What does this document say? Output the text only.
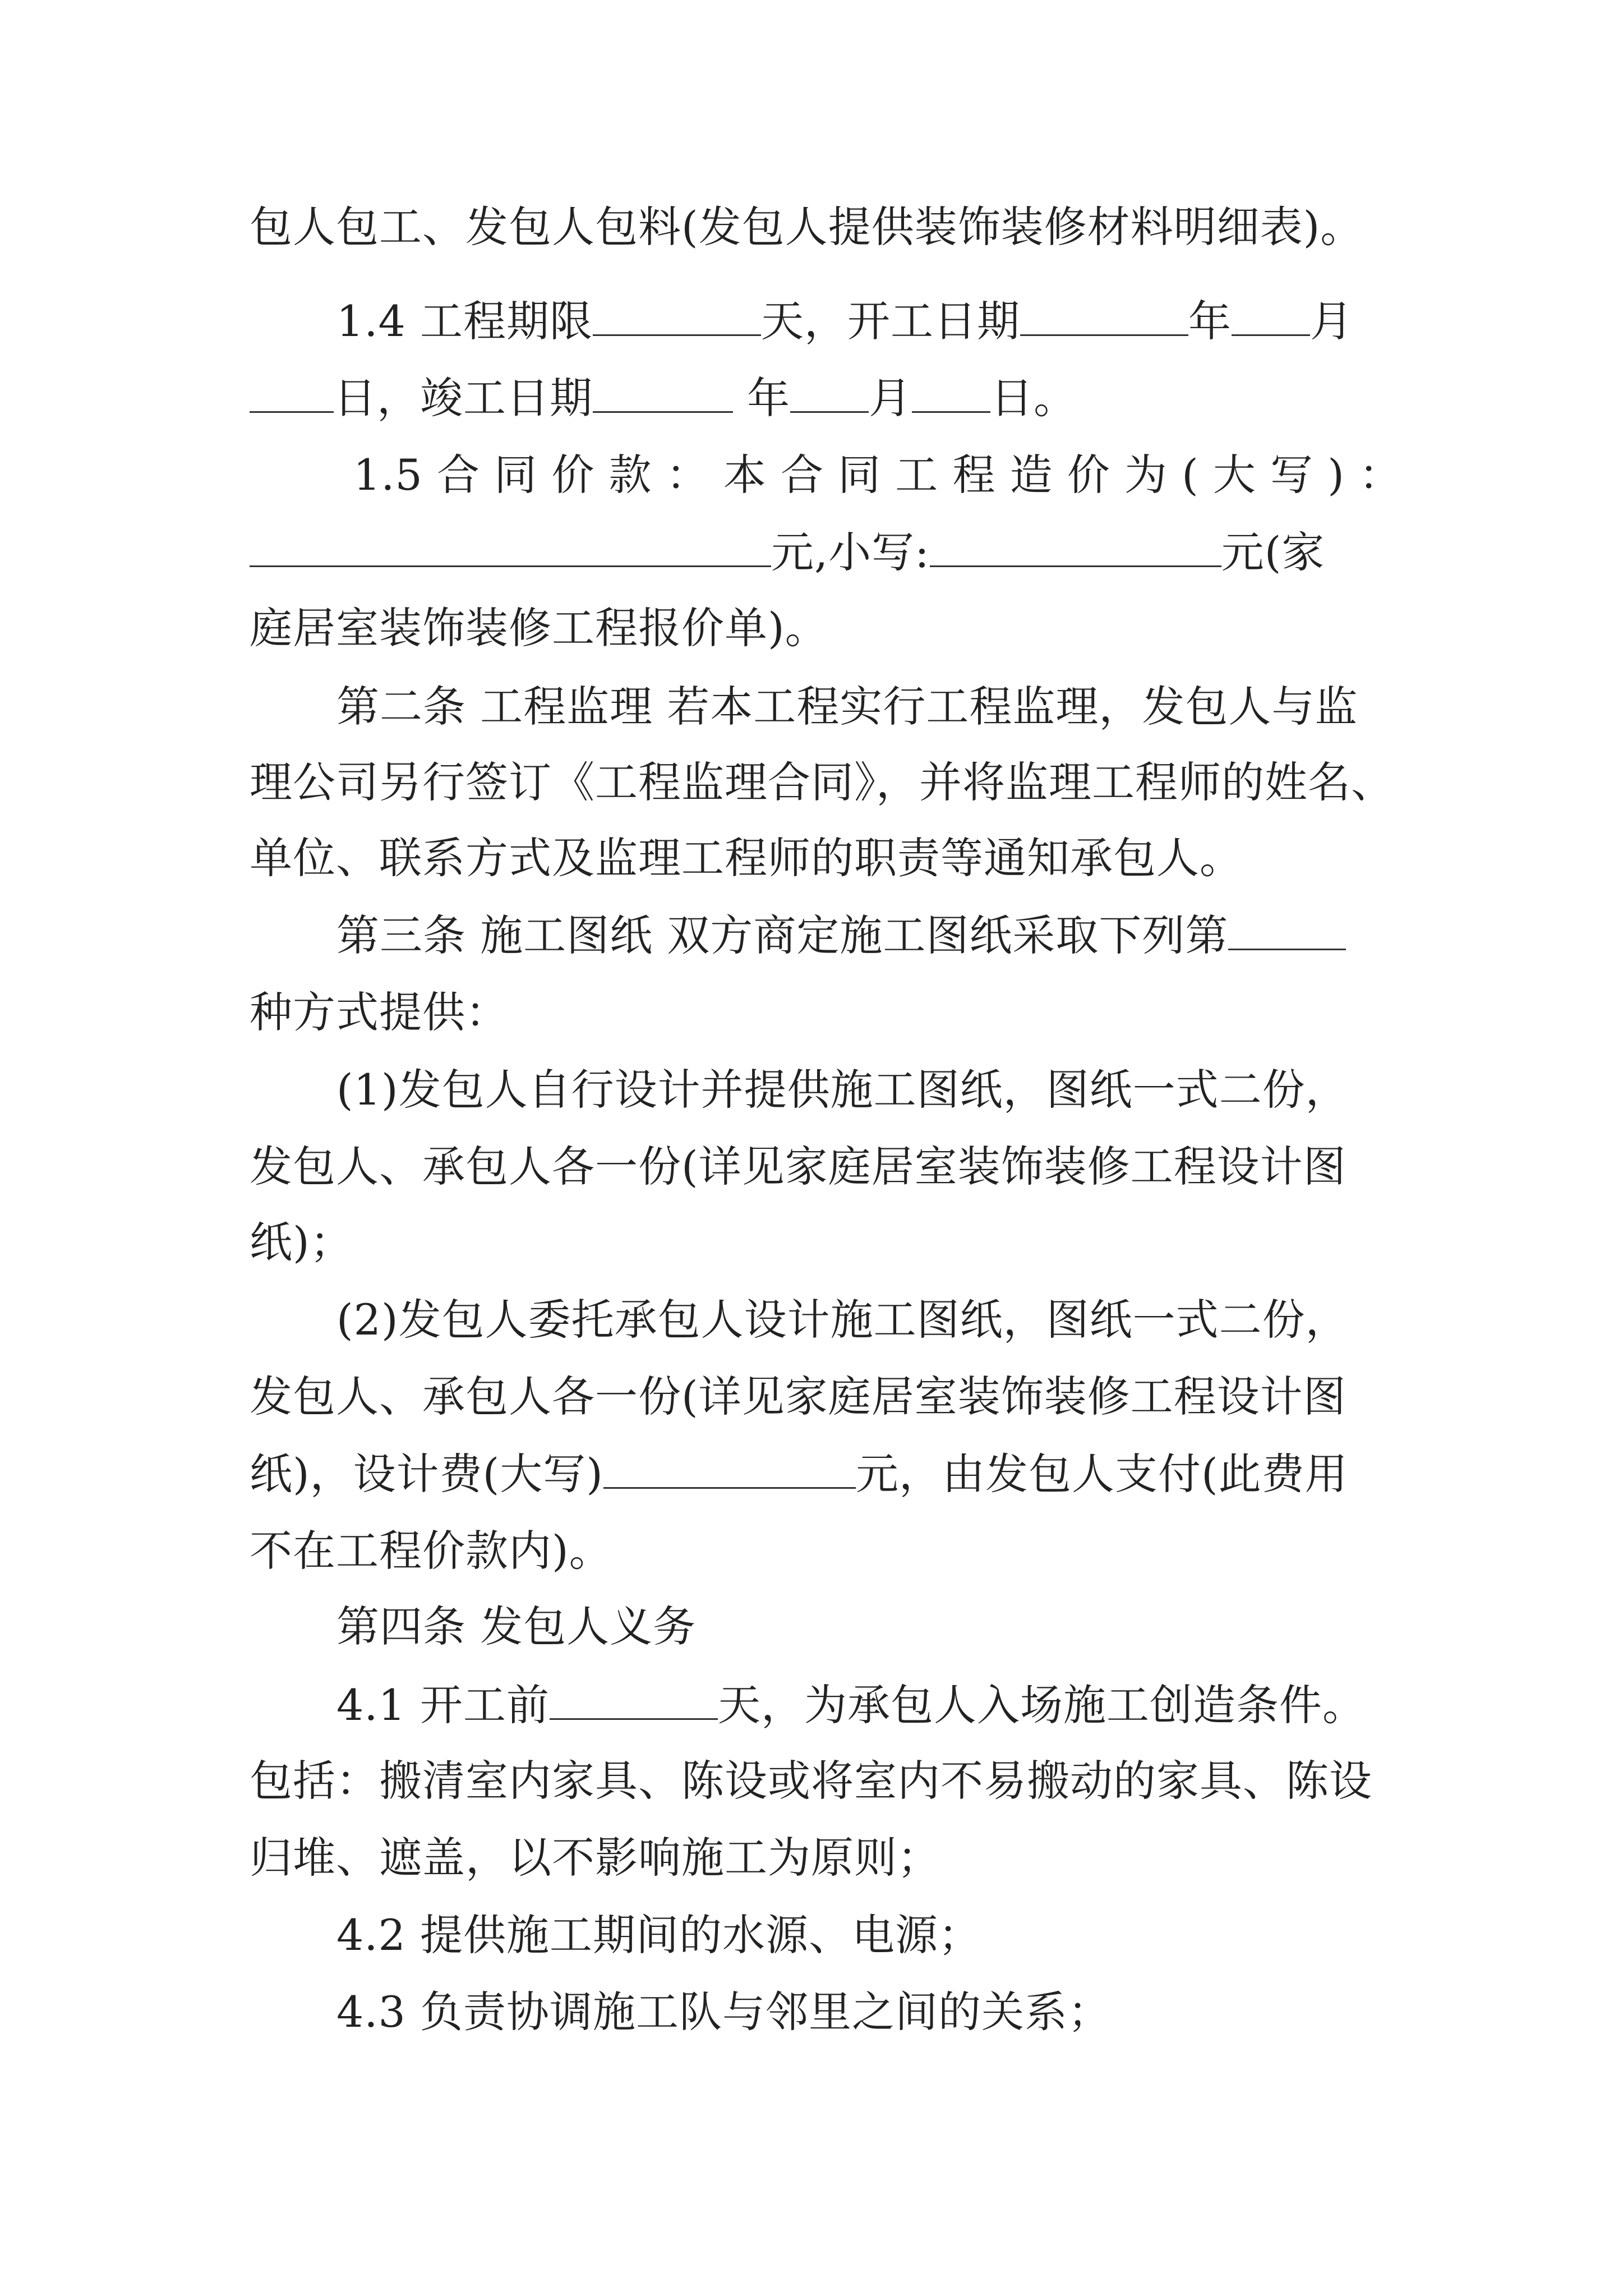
包人包工、发包人包料(发包人提供装饰装修材料明细表)。
1.4 工程期限	天，开工日期	年 月
日，竣工日期	年 月 日。
1.5 合 同 价 款 ： 本 合 同 工 程 造 价 为 ( 大 写 ) ：
元,小写:	元(家
庭居室装饰装修工程报价单)。
第二条 工程监理 若本工程实行工程监理，发包人与监
理公司另行签订《工程监理合同》，并将监理工程师的姓名、
单位、联系方式及监理工程师的职责等通知承包人。
第三条 施工图纸 双方商定施工图纸采取下列第
种方式提供：
(1)发包人自行设计并提供施工图纸，图纸一式二份，
发包人、承包人各一份(详见家庭居室装饰装修工程设计图
纸)；
(2)发包人委托承包人设计施工图纸，图纸一式二份，
发包人、承包人各一份(详见家庭居室装饰装修工程设计图
纸)，设计费(大写)	元，由发包人支付(此费用
不在工程价款内)。
第四条 发包人义务
4.1 开工前	天，为承包人入场施工创造条件。
包括：搬清室内家具、陈设或将室内不易搬动的家具、陈设
归堆、遮盖，以不影响施工为原则；
4.2 提供施工期间的水源、电源；
4.3 负责协调施工队与邻里之间的关系；
